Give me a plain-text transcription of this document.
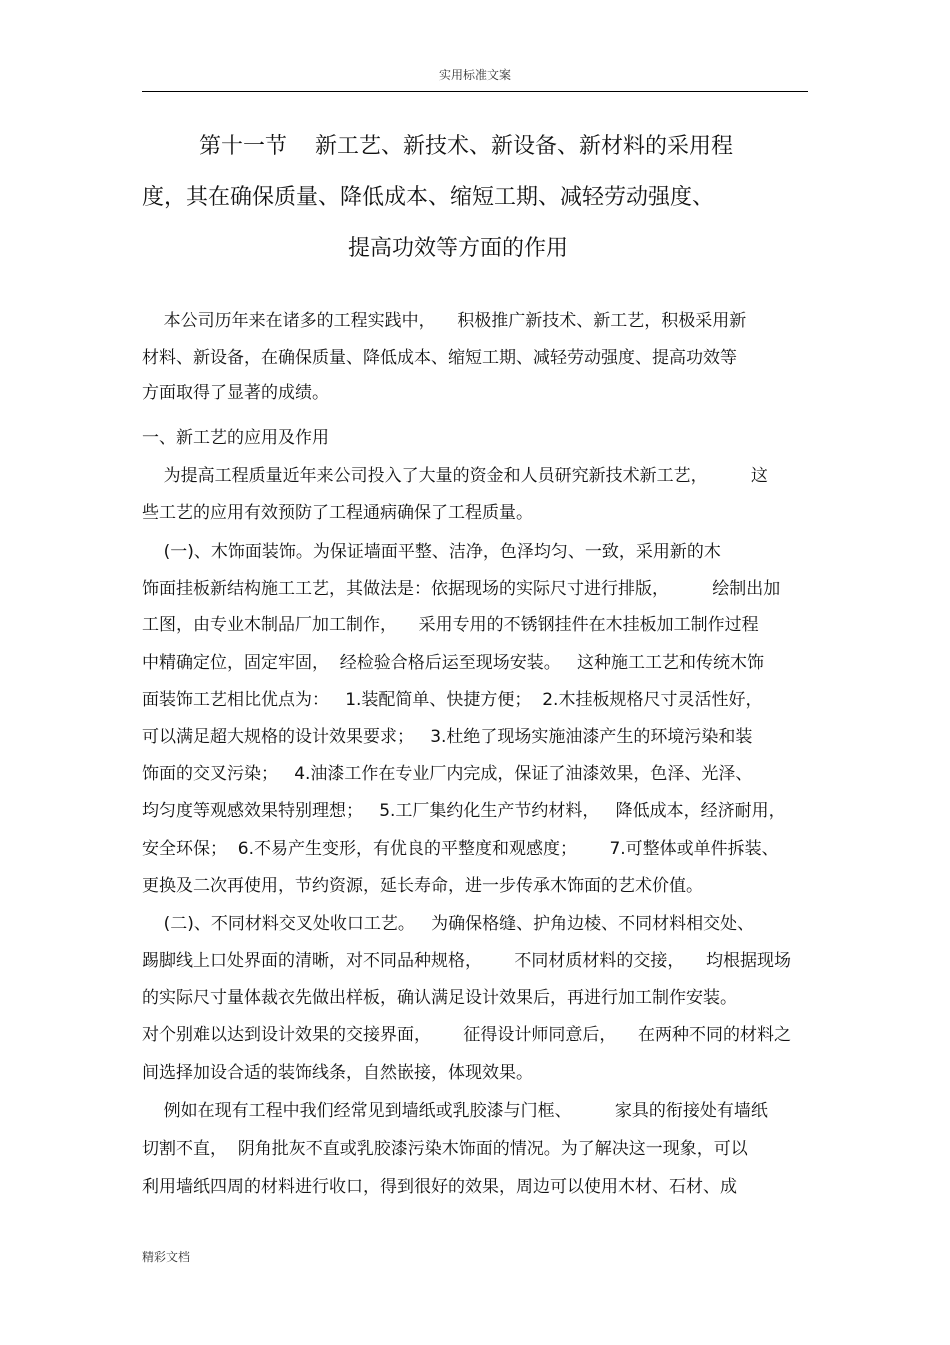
实用标准文案
第十一节    新工艺、新技术、新设备、新材料的采用程
度，其在确保质量、降低成本、缩短工期、减轻劳动强度、
提高功效等方面的作用
本公司历年来在诸多的工程实践中，    积极推广新技术、新工艺，积极采用新
材料、新设备，在确保质量、降低成本、缩短工期、减轻劳动强度、提高功效等
方面取得了显著的成绩。
一、新工艺的应用及作用
为提高工程质量近年来公司投入了大量的资金和人员研究新技术新工艺，        这
些工艺的应用有效预防了工程通病确保了工程质量。
(一)、木饰面装饰。为保证墙面平整、洁净，色泽均匀、一致，采用新的木
饰面挂板新结构施工工艺，其做法是：依据现场的实际尺寸进行排版，        绘制出加
工图，由专业木制品厂加工制作，    采用专用的不锈钢挂件在木挂板加工制作过程
中精确定位，固定牢固，  经检验合格后运至现场安装。   这种施工工艺和传统木饰
面装饰工艺相比优点为：   1.装配简单、快捷方便；  2.木挂板规格尺寸灵活性好，
可以满足超大规格的设计效果要求；   3.杜绝了现场实施油漆产生的环境污染和装
饰面的交叉污染；   4.油漆工作在专业厂内完成，保证了油漆效果，色泽、光泽、
均匀度等观感效果特别理想；   5.工厂集约化生产节约材料，   降低成本，经济耐用，
安全环保；  6.不易产生变形，有优良的平整度和观感度；      7.可整体或单件拆装、
更换及二次再使用，节约资源，延长寿命，进一步传承木饰面的艺术价值。
(二)、不同材料交叉处收口工艺。   为确保格缝、护角边棱、不同材料相交处、
踢脚线上口处界面的清晰，对不同品种规格，      不同材质材料的交接，    均根据现场
的实际尺寸量体裁衣先做出样板，确认满足设计效果后，再进行加工制作安装。
对个别难以达到设计效果的交接界面，      征得设计师同意后，    在两种不同的材料之
间选择加设合适的装饰线条，自然嵌接，体现效果。
例如在现有工程中我们经常见到墙纸或乳胶漆与门框、        家具的衔接处有墙纸
切割不直，  阴角批灰不直或乳胶漆污染木饰面的情况。为了解决这一现象，可以
利用墙纸四周的材料进行收口，得到很好的效果，周边可以使用木材、石材、成
精彩文档
